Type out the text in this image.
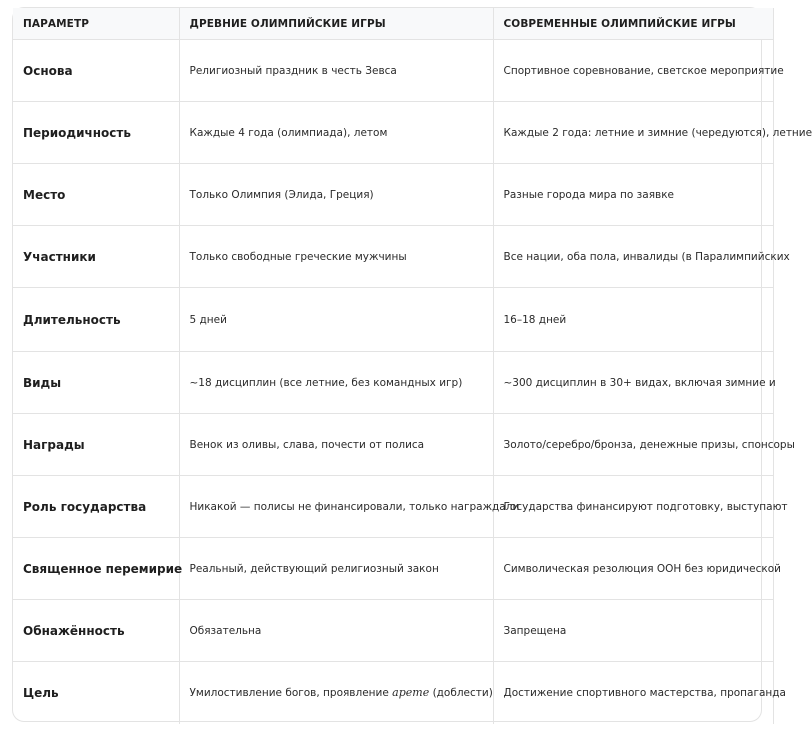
ПАРАМЕТР	ДРЕВНИЕ ОЛИМПИЙСКИЕ ИГРЫ	СОВРЕМЕННЫЕ ОЛИМПИЙСКИЕ ИГРЫ
Основа	Религиозный праздник в честь Зевса	Спортивное соревнование, светское мероприятие
Периодичность	Каждые 4 года (олимпиада), летом	Каждые 2 года: летние и зимние (чередуются), летние
Место	Только Олимпия (Элида, Греция)	Разные города мира по заявке
Участники	Только свободные греческие мужчины	Все нации, оба пола, инвалиды (в Паралимпийских
Длительность	5 дней	16–18 дней
Виды	~18 дисциплин (все летние, без командных игр)	~300 дисциплин в 30+ видах, включая зимние и
Награды	Венок из оливы, слава, почести от полиса	Золото/серебро/бронза, денежные призы, спонсоры
Роль государства	Никакой — полисы не финансировали, только награждали	Государства финансируют подготовку, выступают
Священное перемирие	Реальный, действующий религиозный закон	Символическая резолюция ООН без юридической
Обнажённость	Обязательна	Запрещена
Цель	Умилостивление богов, проявление арете (доблести)	Достижение спортивного мастерства, пропаганда
